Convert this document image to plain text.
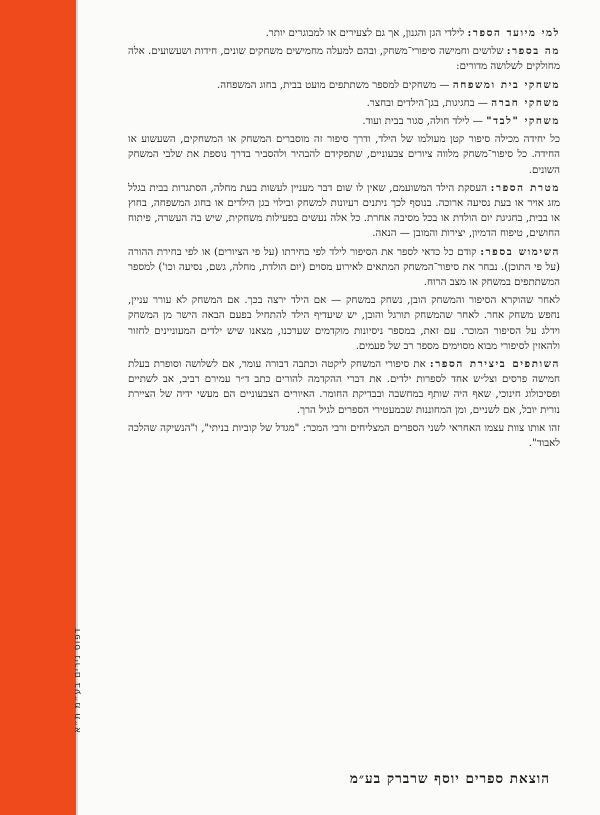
דפוס נירים בע״מ ת״א

למי מיועד הספר: לילדי הגן והגנון, אך גם לצעירים או למבוגרים יותר.

מה בספר: שלושים וחמישה סיפורי־משחק, ובהם למעלה מחמישים משחקים שונים, חידות ושעשועים. אלה מחולקים לשלושה מדורים:

משחקי בית ומשפחה — משחקים למספר משתתפים מועט בבית, בחוג המשפחה.

משחקי חברה — בחגיגות, בגן־הילדים ובחצר.

משחקי "לבד" — לילד חולה, סגור בבית ועוד.

כל יחידה מכילה סיפור קטן מעולמו של הילד, ודרך סיפור זה מוסברים המשחק או המשחקים, השעשוע או החידה. כל סיפור־משחק מלווה ציורים צבעוניים, שתפקידם להבהיר ולהסביר בדרך נוספת את שלבי המשחק השונים.

מטרת הספר: העסקת הילד המשועמם, שאין לו שום דבר מעניין לעשות בעת מחלה, הסתגרות בבית בגלל מזג אויר או בעת נסיעה ארוכה. בנוסף לכך ניתנים רעיונות למשחק ובילוי בגן הילדים או בחוג המשפחה, בחוץ או בבית, בחגיגת יום הולדת או בכל מסיבה אחרת. כל אלה נעשים בפעילות משחקית, שיש בה העשרה, פיתוח החושים, טיפוח הדמיון, יצירות והמובן — הנאה.

השימוש בספר: קודם כל כדאי לספר את הסיפור לילד לפי בחירתו (על פי הציורים) או לפי בחירת ההורה (על פי התוכן). נבחר את סיפור־המשחק המתאים לאירוע מסוים (יום הולדת, מחלה, גשם, נסיעה וכו') למספר המשתתפים במשחק או מצב הרוח.

לאחר שהוקרא הסיפור והמשחק הובן, נשחק במשחק — אם הילד ירצה בכך. אם המשחק לא עורר עניין, נחפש משחק אחר. לאחר שהמשחק תורגל והובן, יש שיעדיף הילד להתחיל בפעם הבאה הישר מן המשחק וידלג על הסיפור המוכר. עם זאת, במספר ניסיונות מוקדמים שערכנו, מצאנו שיש ילדים המעוניינים לחזור ולהאזין לסיפורי מבוא מסוימים מספר רב של פעמים.

השותפים ביצירת הספר: את סיפורי המשחק ליקטה וכתבה דבורה עומר, אם לשלושה וסופרת בעלת חמישה פרסים וצל״ש אחד לספרות ילדים. את דברי ההקדמה להורים כתב ד״ר עמירם רביב, אב לשתיים ופסיכולוג חינוכי, שאף היה שותף במחשבה ובבדיקת החומר. האיורים הצבעוניים הם מעשי ידיה של הציירת נורית יובל, אם לשניים, ומן המחוננות שבמעטירי הספרים לגיל הרך.

זהו אותו צוות עצמו האחראי לשני הספרים המצליחים ורבי המכר: "מגדל של קוביות בניתי", ו"הנשיקה שהלכה לאבוד".

הוצאת ספרים יוסף שרברק בע״מ
